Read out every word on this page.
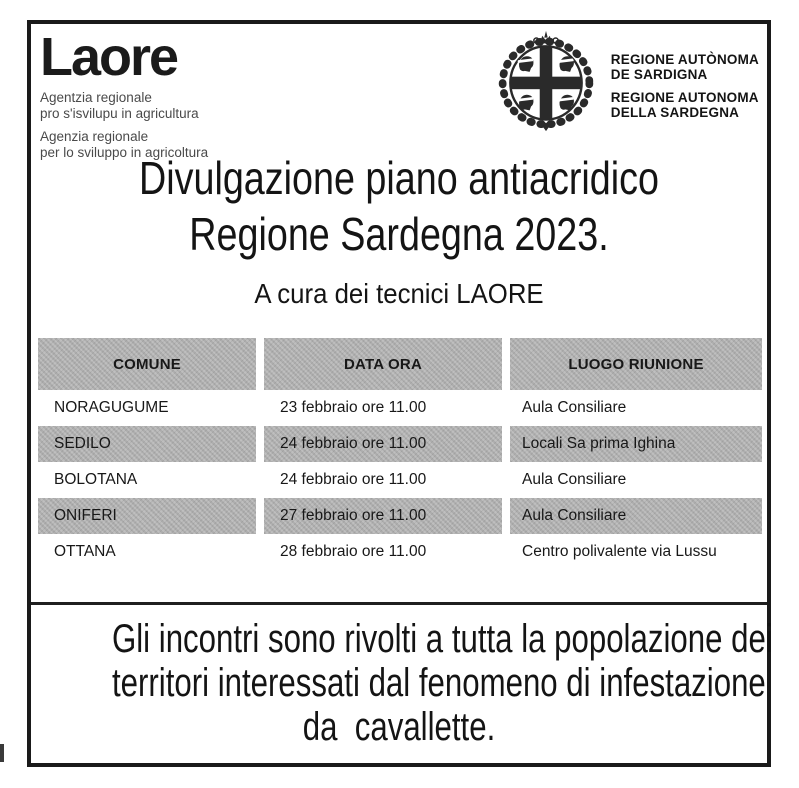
Laore
Agentzia regionale
pro s'isvilupu in agricultura
Agenzia regionale
per lo sviluppo in agricoltura
REGIONE AUTÒNOMA
DE SARDIGNA
REGIONE AUTONOMA
DELLA SARDEGNA
Divulgazione piano antiacridico
Regione Sardegna 2023.
A cura dei tecnici LAORE
COMUNE	DATA ORA	LUOGO RIUNIONE
NORAGUGUME	23 febbraio ore 11.00	Aula Consiliare
SEDILO	24 febbraio ore 11.00	Locali Sa prima Ighina
BOLOTANA	24 febbraio ore 11.00	Aula Consiliare
ONIFERI	27 febbraio ore 11.00	Aula Consiliare
OTTANA	28 febbraio ore 11.00	Centro polivalente via Lussu
Gli incontri sono rivolti a tutta la popolazione dei
territori interessati dal fenomeno di infestazione
da  cavallette.
